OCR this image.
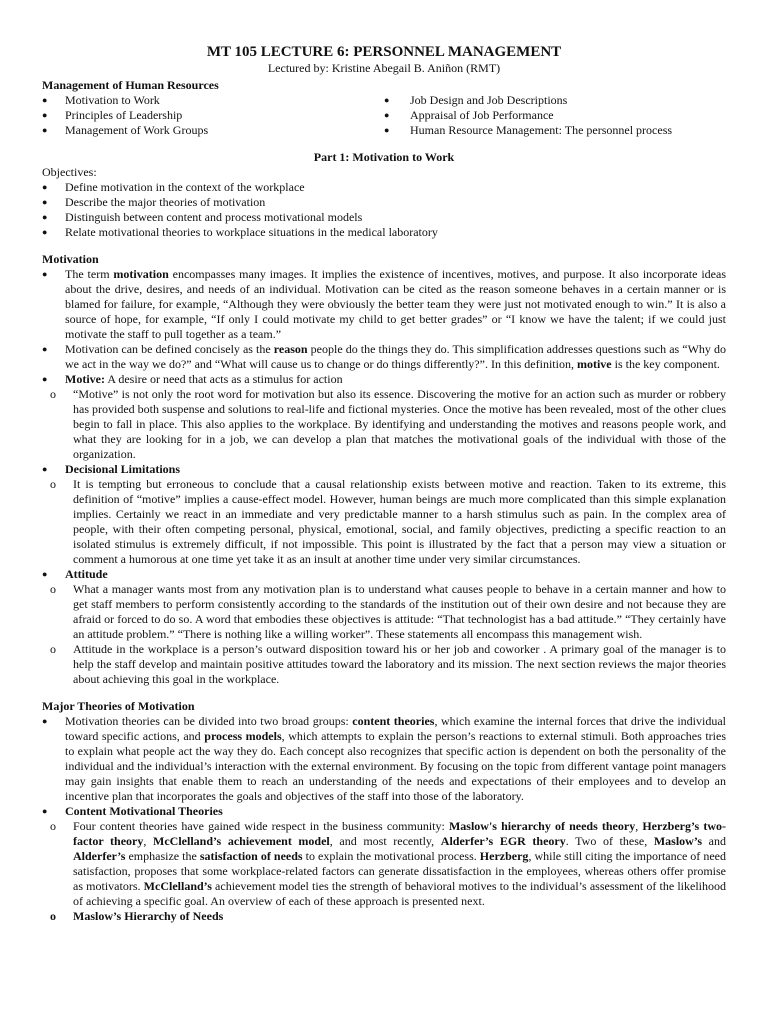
MT 105 LECTURE 6: PERSONNEL MANAGEMENT

Lectured by: Kristine Abegail B. Aniñon (RMT)

Management of Human Resources

● Motivation to Work
● Principles of Leadership
● Management of Work Groups
● Job Design and Job Descriptions
● Appraisal of Job Performance
● Human Resource Management: The personnel process

Part 1: Motivation to Work

Objectives:

● Define motivation in the context of the workplace
● Describe the major theories of motivation
● Distinguish between content and process motivational models
● Relate motivational theories to workplace situations in the medical laboratory

Motivation

● The term motivation encompasses many images. It implies the existence of incentives, motives, and purpose. It also incorporate ideas about the drive, desires, and needs of an individual. Motivation can be cited as the reason someone behaves in a certain manner or is blamed for failure, for example, “Although they were obviously the better team they were just not motivated enough to win.” It is also a source of hope, for example, “If only I could motivate my child to get better grades” or “I know we have the talent; if we could just motivate the staff to pull together as a team.”
● Motivation can be defined concisely as the reason people do the things they do. This simplification addresses questions such as “Why do we act in the way we do?” and “What will cause us to change or do things differently?”. In this definition, motive is the key component.
● Motive: A desire or need that acts as a stimulus for action
o “Motive” is not only the root word for motivation but also its essence. Discovering the motive for an action such as murder or robbery has provided both suspense and solutions to real-life and fictional mysteries. Once the motive has been revealed, most of the other clues begin to fall in place. This also applies to the workplace. By identifying and understanding the motives and reasons people work, and what they are looking for in a job, we can develop a plan that matches the motivational goals of the individual with those of the organization.
● Decisional Limitations
o It is tempting but erroneous to conclude that a causal relationship exists between motive and reaction. Taken to its extreme, this definition of “motive” implies a cause-effect model. However, human beings are much more complicated than this simple explanation implies. Certainly we react in an immediate and very predictable manner to a harsh stimulus such as pain. In the complex area of people, with their often competing personal, physical, emotional, social, and family objectives, predicting a specific reaction to an isolated stimulus is extremely difficult, if not impossible. This point is illustrated by the fact that a person may view a situation or comment a humorous at one time yet take it as an insult at another time under very similar circumstances.
● Attitude
o What a manager wants most from any motivation plan is to understand what causes people to behave in a certain manner and how to get staff members to perform consistently according to the standards of the institution out of their own desire and not because they are afraid or forced to do so. A word that embodies these objectives is attitude: “That technologist has a bad attitude.” “They certainly have an attitude problem.” “There is nothing like a willing worker”. These statements all encompass this management wish.
o Attitude in the workplace is a person’s outward disposition toward his or her job and coworker . A primary goal of the manager is to help the staff develop and maintain positive attitudes toward the laboratory and its mission. The next section reviews the major theories about achieving this goal in the workplace.

Major Theories of Motivation

● Motivation theories can be divided into two broad groups: content theories, which examine the internal forces that drive the individual toward specific actions, and process models, which attempts to explain the person’s reactions to external stimuli. Both approaches tries to explain what people act the way they do. Each concept also recognizes that specific action is dependent on both the personality of the individual and the individual’s interaction with the external environment. By focusing on the topic from different vantage point managers may gain insights that enable them to reach an understanding of the needs and expectations of their employees and to develop an incentive plan that incorporates the goals and objectives of the staff into those of the laboratory.
● Content Motivational Theories
o Four content theories have gained wide respect in the business community: Maslow's hierarchy of needs theory, Herzberg’s two-factor theory, McClelland’s achievement model, and most recently, Alderfer’s EGR theory. Two of these, Maslow’s and Alderfer’s emphasize the satisfaction of needs to explain the motivational process. Herzberg, while still citing the importance of need satisfaction, proposes that some workplace-related factors can generate dissatisfaction in the employees, whereas others offer promise as motivators. McClelland’s achievement model ties the strength of behavioral motives to the individual’s assessment of the likelihood of achieving a specific goal. An overview of each of these approach is presented next.
o Maslow’s Hierarchy of Needs
